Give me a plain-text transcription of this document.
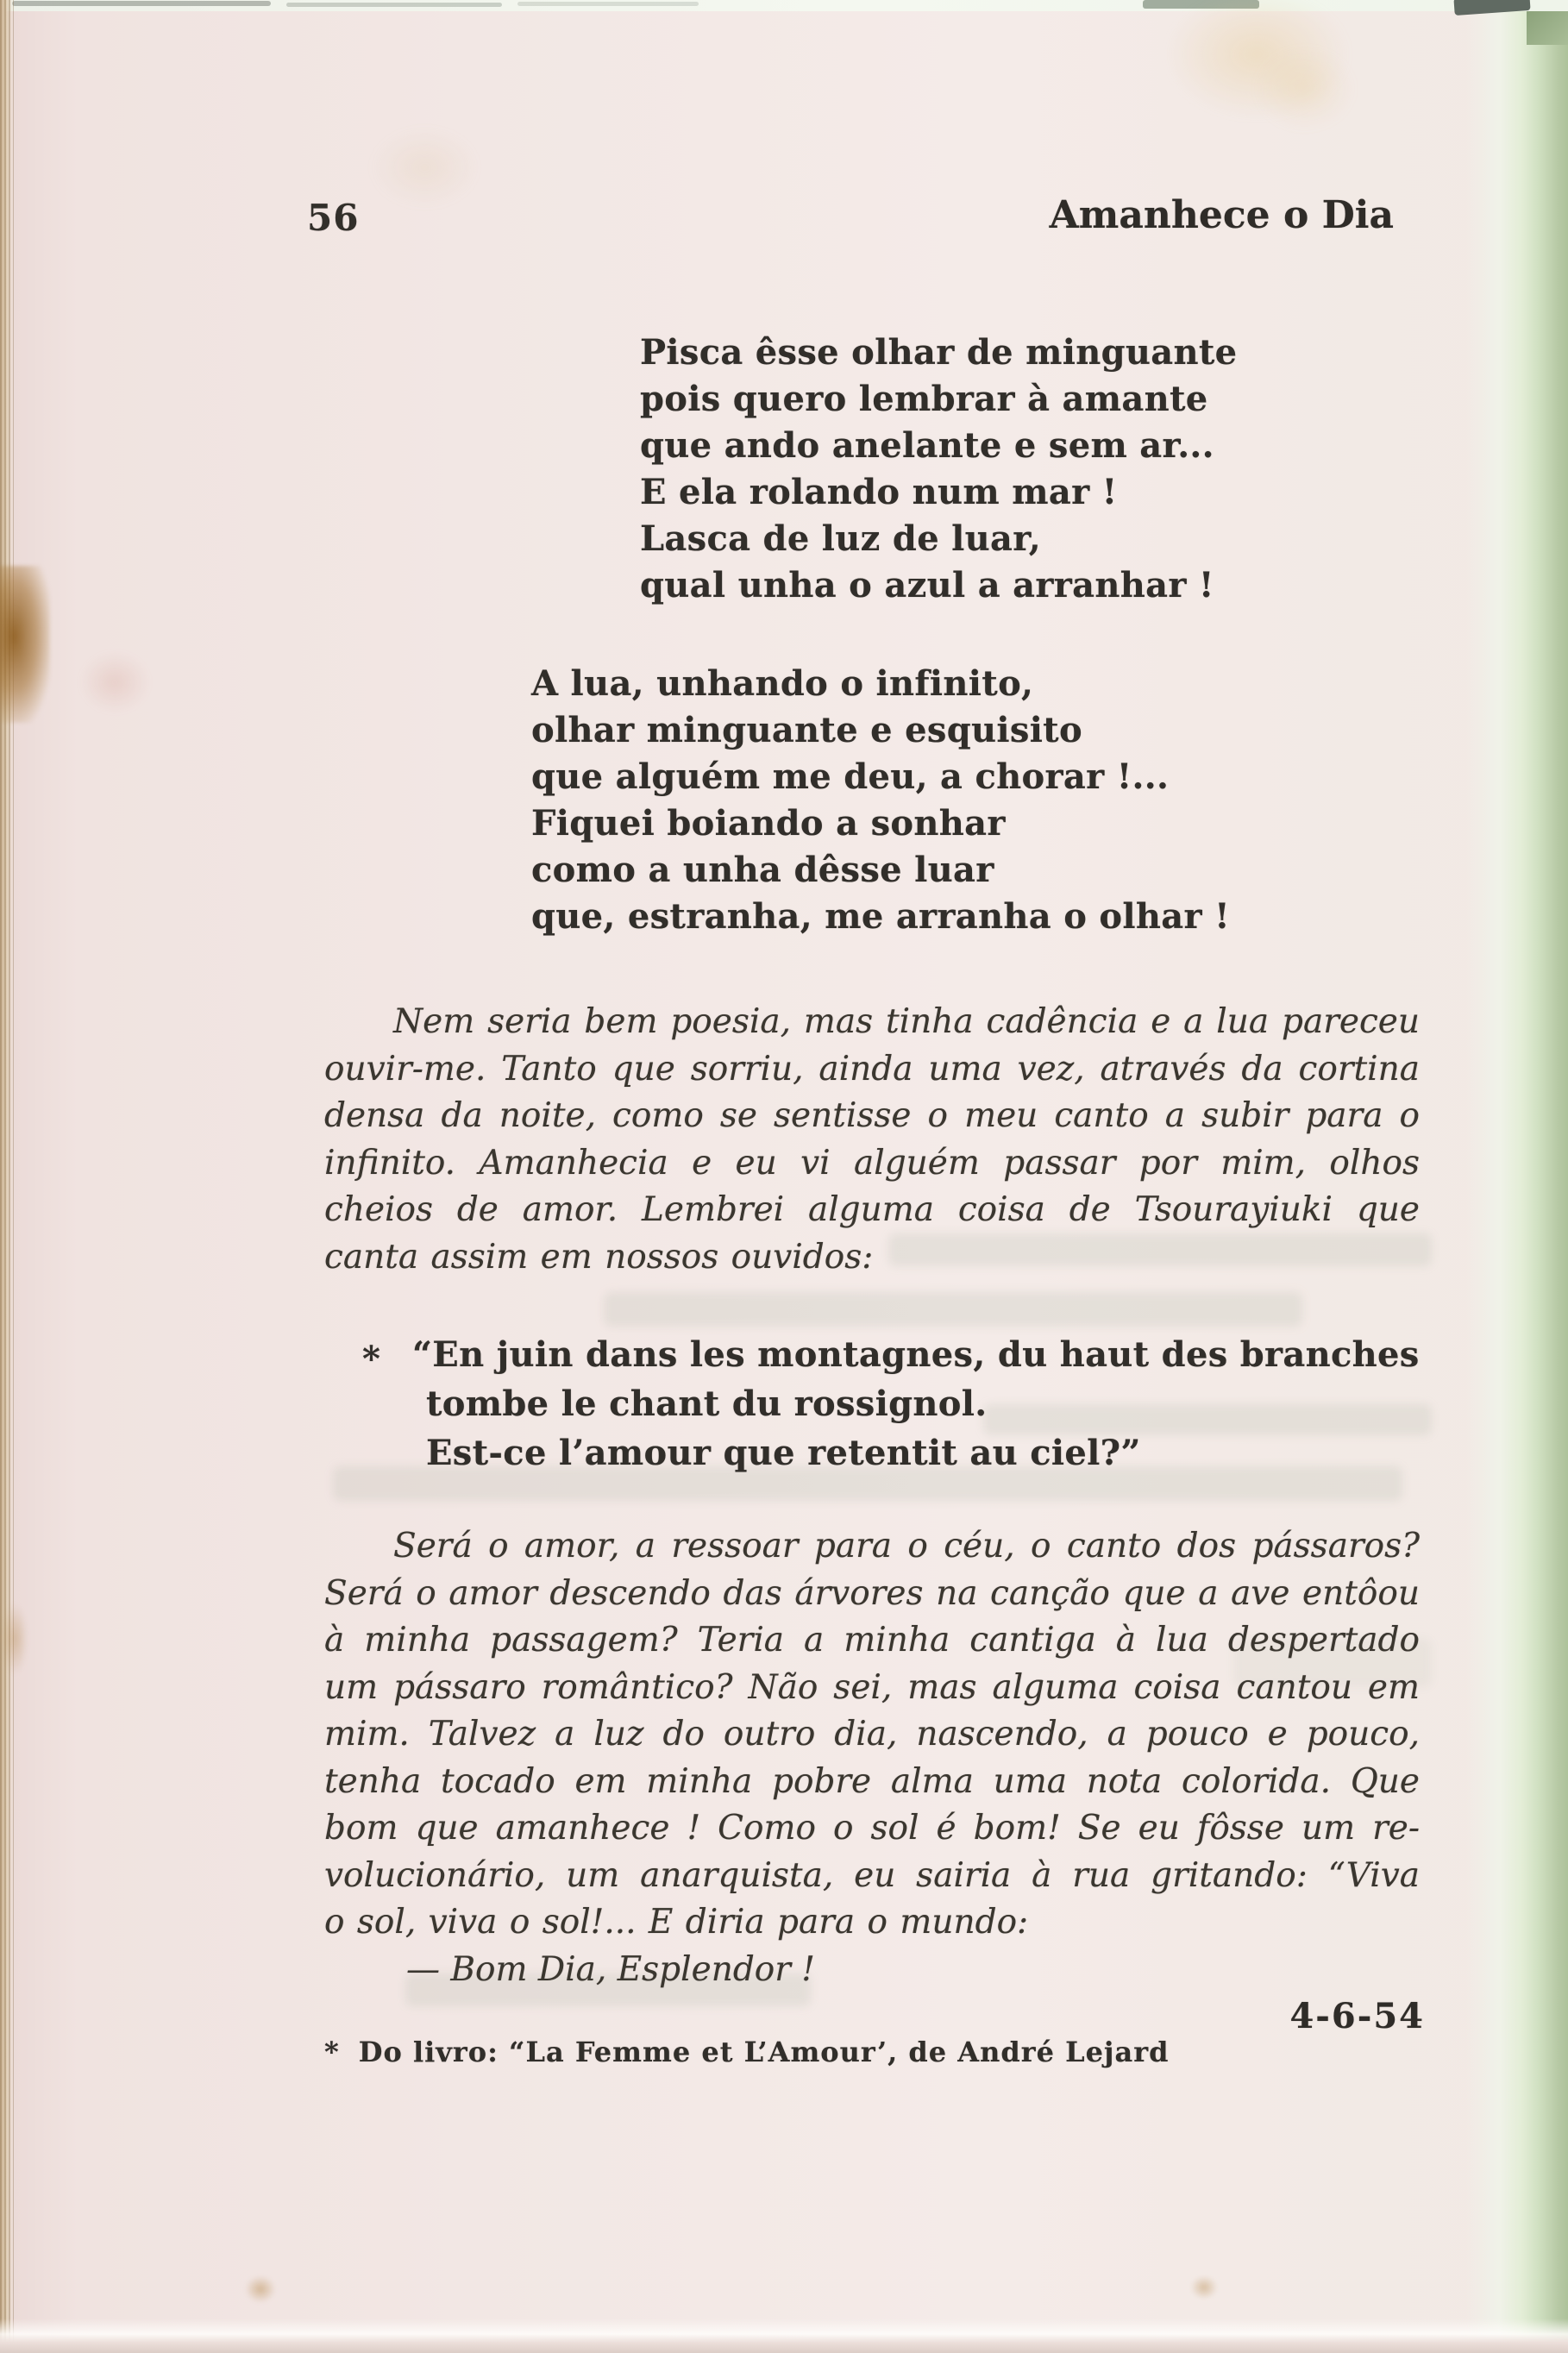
56	Amanhece o Dia
Pisca êsse olhar de minguante
pois quero lembrar à amante
que ando anelante e sem ar...
E ela rolando num mar !
Lasca de luz de luar,
qual unha o azul a arranhar !
A lua, unhando o infinito,
olhar minguante e esquisito
que alguém me deu, a chorar !...
Fiquei boiando a sonhar
como a unha dêsse luar
que, estranha, me arranha o olhar !
Nem seria bem poesia, mas tinha cadência e a lua pareceu
ouvir-me. Tanto que sorriu, ainda uma vez, através da cortina
densa da noite, como se sentisse o meu canto a subir para o
infinito. Amanhecia e eu vi alguém passar por mim, olhos
cheios de amor. Lembrei alguma coisa de Tsourayiuki que
canta assim em nossos ouvidos:
* “En juin dans les montagnes, du haut des branches
tombe le chant du rossignol.
Est-ce l’amour que retentit au ciel?”
Será o amor, a ressoar para o céu, o canto dos pássaros?
Será o amor descendo das árvores na canção que a ave entôou
à minha passagem? Teria a minha cantiga à lua despertado
um pássaro romântico? Não sei, mas alguma coisa cantou em
mim. Talvez a luz do outro dia, nascendo, a pouco e pouco,
tenha tocado em minha pobre alma uma nota colorida. Que
bom que amanhece ! Como o sol é bom! Se eu fôsse um re-
volucionário, um anarquista, eu sairia à rua gritando: “Viva
o sol, viva o sol!... E diria para o mundo:
— Bom Dia, Esplendor !
4-6-54
* Do livro: “La Femme et L’Amour’, de André Lejard
